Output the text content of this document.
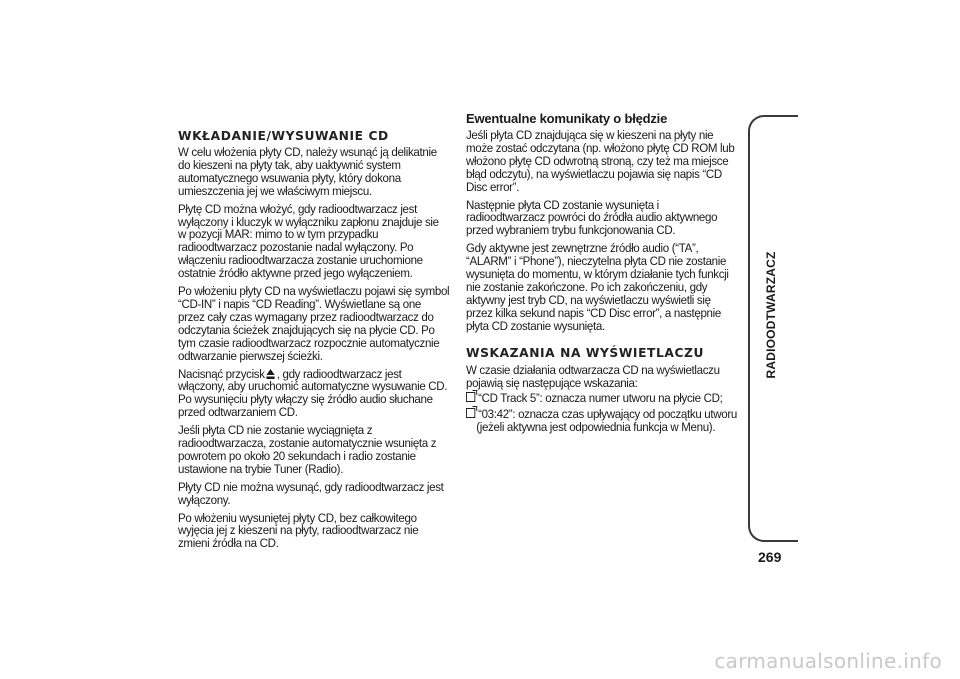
WKŁADANIE/WYSUWANIE CD

W celu włożenia płyty CD, należy wsunąć ją delikatnie do kieszeni na płyty tak, aby uaktywnić system automatycznego wsuwania płyty, który dokona umieszczenia jej we właściwym miejscu.

Płytę CD można włożyć, gdy radioodtwarzacz jest wyłączony i kluczyk w wyłączniku zapłonu znajduje sie w pozycji MAR: mimo to w tym przypadku radioodtwarzacz pozostanie nadal wyłączony. Po włączeniu radioodtwarzacza zostanie uruchomione ostatnie źródło aktywne przed jego wyłączeniem.

Po włożeniu płyty CD na wyświetlaczu pojawi się symbol “CD-IN” i napis “CD Reading”. Wyświetlane są one przez cały czas wymagany przez radioodtwarzacz do odczytania ścieżek znajdujących się na płycie CD. Po tym czasie radioodtwarzacz rozpocznie automatycznie odtwarzanie pierwszej ścieżki.

Nacisnąć przycisk , gdy radioodtwarzacz jest włączony, aby uruchomić automatyczne wysuwanie CD. Po wysunięciu płyty włączy się źródło audio słuchane przed odtwarzaniem CD.

Jeśli płyta CD nie zostanie wyciągnięta z radioodtwarzacza, zostanie automatycznie wsunięta z powrotem po około 20 sekundach i radio zostanie ustawione na trybie Tuner (Radio).

Płyty CD nie można wysunąć, gdy radioodtwarzacz jest wyłączony.

Po włożeniu wysuniętej płyty CD, bez całkowitego wyjęcia jej z kieszeni na płyty, radioodtwarzacz nie zmieni źródła na CD.

Ewentualne komunikaty o błędzie

Jeśli płyta CD znajdująca się w kieszeni na płyty nie może zostać odczytana (np. włożono płytę CD ROM lub włożono płytę CD odwrotną stroną, czy też ma miejsce błąd odczytu), na wyświetlaczu pojawia się napis “CD Disc error”.

Następnie płyta CD zostanie wysunięta i radioodtwarzacz powróci do źródła audio aktywnego przed wybraniem trybu funkcjonowania CD.

Gdy aktywne jest zewnętrzne źródło audio (“TA”, “ALARM” i “Phone”), nieczytelna płyta CD nie zostanie wysunięta do momentu, w którym działanie tych funkcji nie zostanie zakończone. Po ich zakończeniu, gdy aktywny jest tryb CD, na wyświetlaczu wyświetli się przez kilka sekund napis “CD Disc error”, a następnie płyta CD zostanie wysunięta.

WSKAZANIA NA WYŚWIETLACZU

W czasie działania odtwarzacza CD na wyświetlaczu pojawią się następujące wskazania:

“CD Track 5”: oznacza numer utworu na płycie CD;

“03:42”: oznacza czas upływający od początku utworu (jeżeli aktywna jest odpowiednia funkcja w Menu).

RADIOODTWARZACZ
269
carmanualsonline.info
